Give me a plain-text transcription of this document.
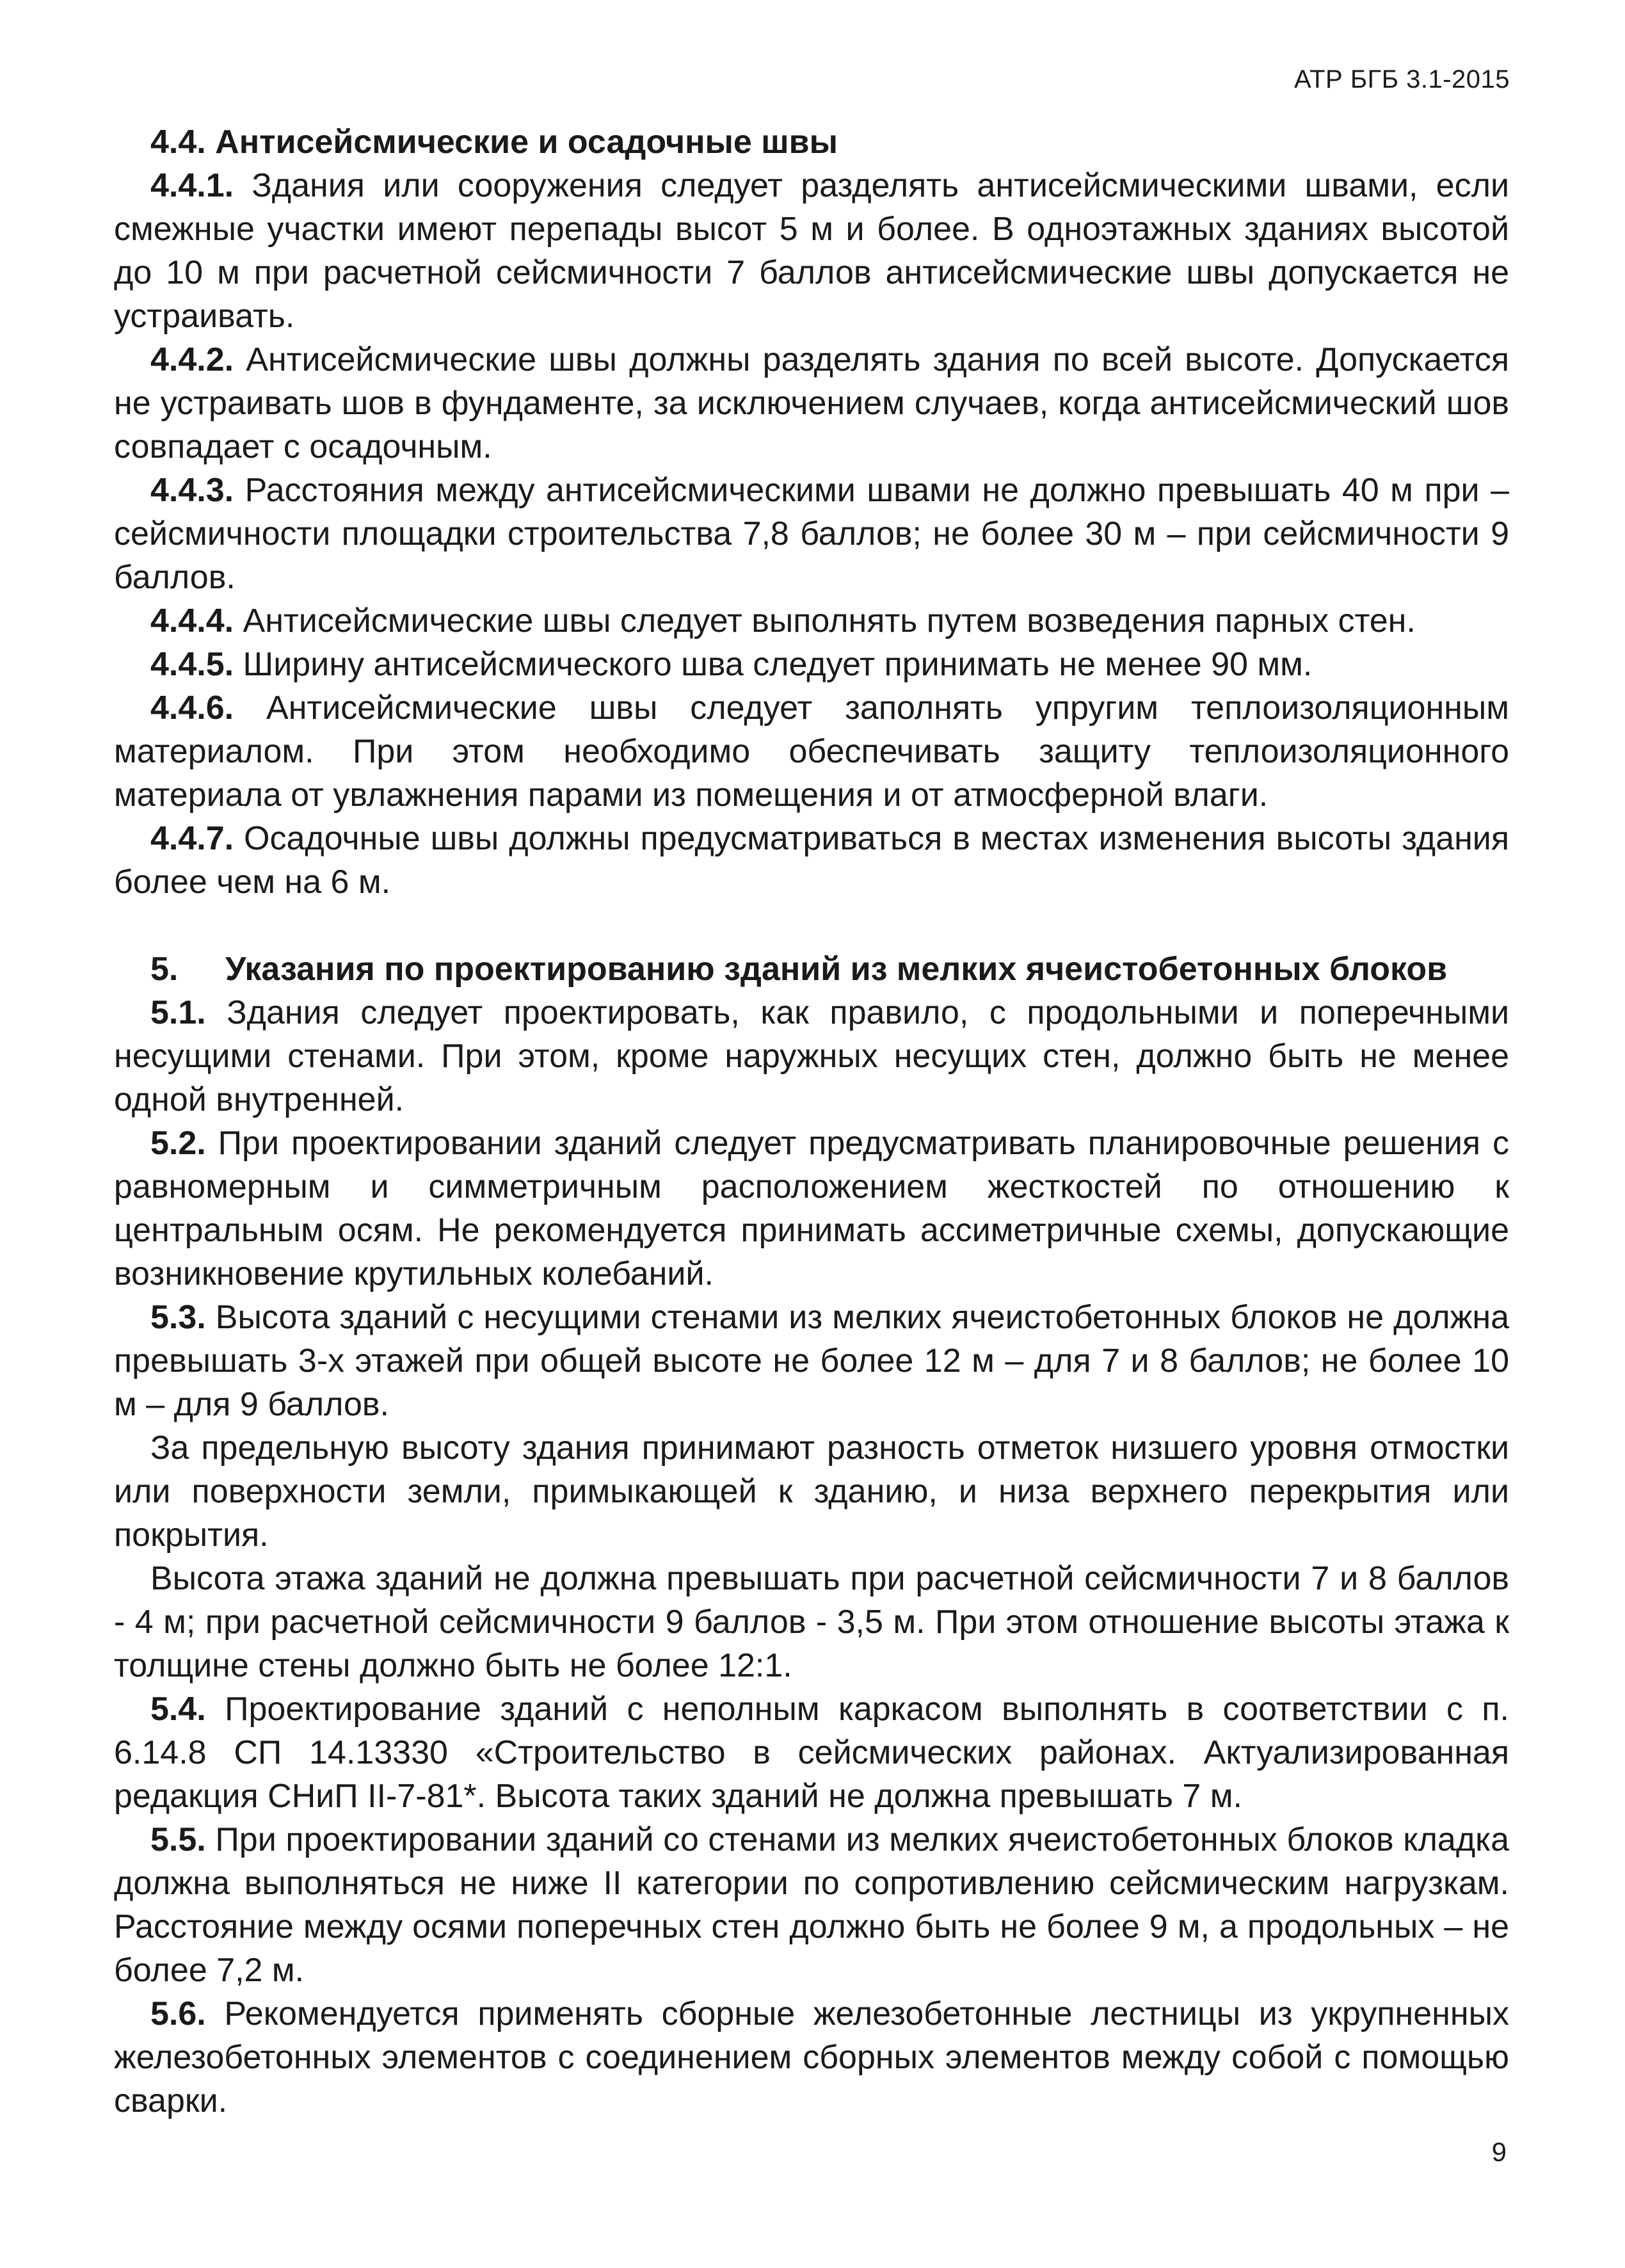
АТР БГБ 3.1-2015
4.4. Антисейсмические и осадочные швы

4.4.1. Здания или сооружения следует разделять антисейсмическими швами, если смежные участки имеют перепады высот 5 м и более. В одноэтажных зданиях высотой до 10 м при расчетной сейсмичности 7 баллов антисейсмические швы допускается не устраивать.

4.4.2. Антисейсмические швы должны разделять здания по всей высоте. Допускается не устраивать шов в фундаменте, за исключением случаев, когда антисейсмический шов совпадает с осадочным.

4.4.3. Расстояния между антисейсмическими швами не должно превышать 40 м при – сейсмичности площадки строительства 7,8 баллов; не более 30 м – при сейсмичности 9 баллов.

4.4.4. Антисейсмические швы следует выполнять путем возведения парных стен.

4.4.5. Ширину антисейсмического шва следует принимать не менее 90 мм.

4.4.6. Антисейсмические швы следует заполнять упругим теплоизоляционным материалом. При этом необходимо обеспечивать защиту теплоизоляционного материала от увлажнения парами из помещения и от атмосферной влаги.

4.4.7. Осадочные швы должны предусматриваться в местах изменения высоты здания более чем на 6 м.

5. Указания по проектированию зданий из мелких ячеистобетонных блоков

5.1. Здания следует проектировать, как правило, с продольными и поперечными несущими стенами. При этом, кроме наружных несущих стен, должно быть не менее одной внутренней.

5.2. При проектировании зданий следует предусматривать планировочные решения с равномерным и симметричным расположением жесткостей по отношению к центральным осям. Не рекомендуется принимать ассиметричные схемы, допускающие возникновение крутильных колебаний.

5.3. Высота зданий с несущими стенами из мелких ячеистобетонных блоков не должна превышать 3-х этажей при общей высоте не более 12 м – для 7 и 8 баллов; не более 10 м – для 9 баллов.

За предельную высоту здания принимают разность отметок низшего уровня отмостки или поверхности земли, примыкающей к зданию, и низа верхнего перекрытия или покрытия.

Высота этажа зданий не должна превышать при расчетной сейсмичности 7 и 8 баллов - 4 м; при расчетной сейсмичности 9 баллов - 3,5 м. При этом отношение высоты этажа к толщине стены должно быть не более 12:1.

5.4. Проектирование зданий с неполным каркасом выполнять в соответствии с п. 6.14.8 СП 14.13330 «Строительство в сейсмических районах. Актуализированная редакция СНиП II-7-81*. Высота таких зданий не должна превышать 7 м.

5.5. При проектировании зданий со стенами из мелких ячеистобетонных блоков кладка должна выполняться не ниже II категории по сопротивлению сейсмическим нагрузкам. Расстояние между осями поперечных стен должно быть не более 9 м, а продольных – не более 7,2 м.

5.6. Рекомендуется применять сборные железобетонные лестницы из укрупненных железобетонных элементов с соединением сборных элементов между собой с помощью сварки.

9
